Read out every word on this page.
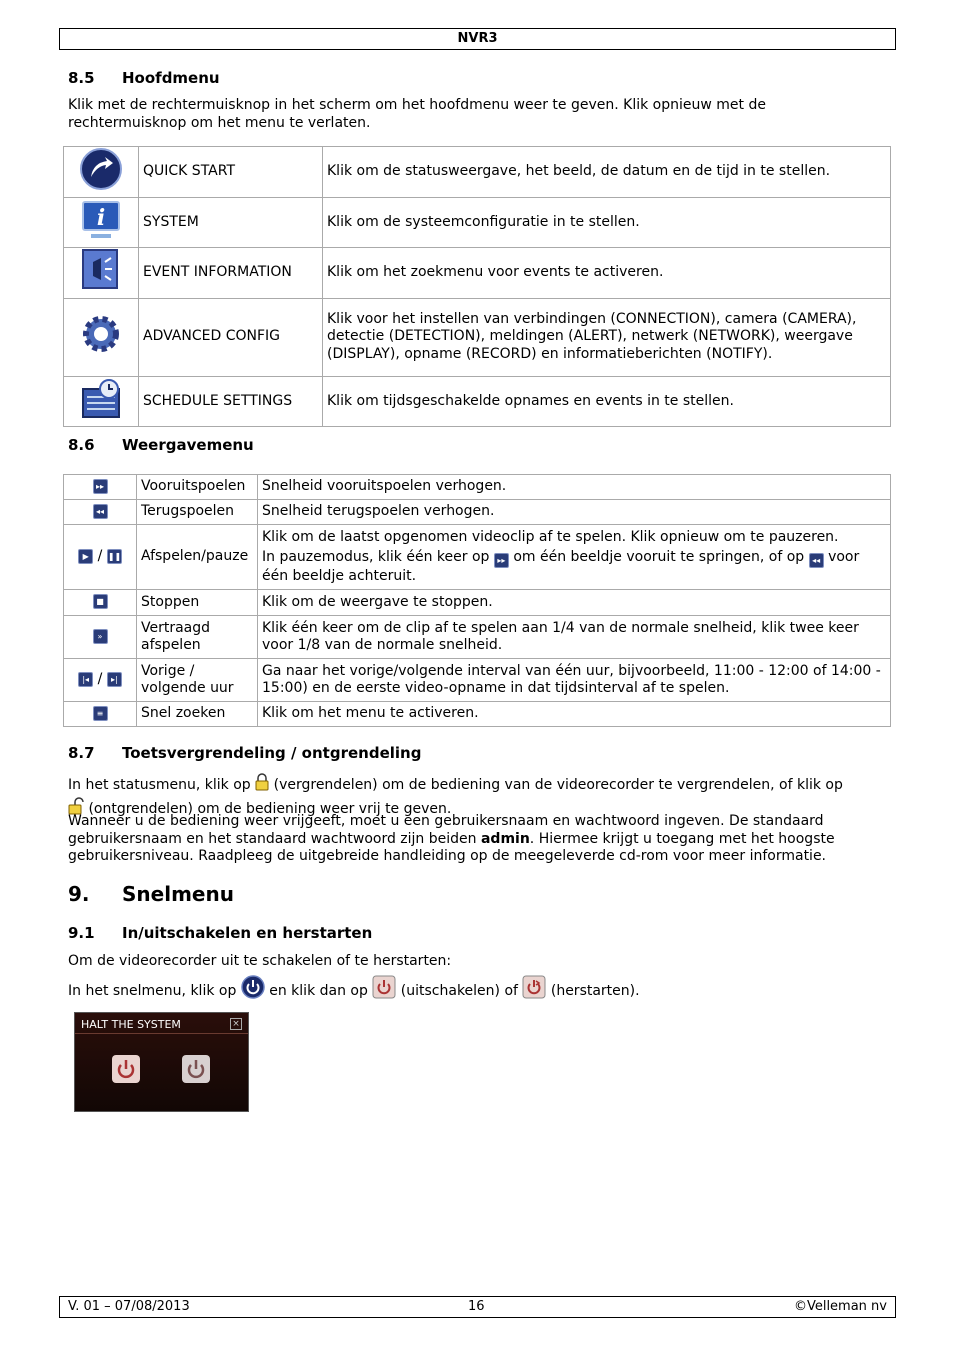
NVR3
8.5 Hoofdmenu
Klik met de rechtermuisknop in het scherm om het hoofdmenu weer te geven. Klik opnieuw met de rechtermuisknop om het menu te verlaten.
	QUICK START	Klik om de statusweergave, het beeld, de datum en de tijd in te stellen.

i	SYSTEM	Klik om de systeemconfiguratie in te stellen.
	EVENT INFORMATION	Klik om het zoekmenu voor events te activeren.
	ADVANCED CONFIG	Klik voor het instellen van verbindingen (CONNECTION), camera (CAMERA), detectie (DETECTION), meldingen (ALERT), netwerk (NETWORK), weergave (DISPLAY), opname (RECORD) en informatieberichten (NOTIFY).
	SCHEDULE SETTINGS	Klik om tijdsgeschakelde opnames en events in te stellen.
8.6 Weergavemenu
▸▸	Vooruitspoelen	Snelheid vooruitspoelen verhogen.
◂◂	Terugspoelen	Snelheid terugspoelen verhogen.
▶ / ❚❚	Afspelen/pauze	Klik om de laatst opgenomen videoclip af te spelen. Klik opnieuw om te pauzeren.
In pauzemodus, klik één keer op ▸▸ om één beeldje vooruit te springen, of op ◂◂ voor één beeldje achteruit.

■	Stoppen	Klik om de weergave te stoppen.
»	Vertraagd afspelen	Klik één keer om de clip af te spelen aan 1/4 van de normale snelheid, klik twee keer voor 1/8 van de normale snelheid.
|◂ / ▸|	Vorige / volgende uur	Ga naar het vorige/volgende interval van één uur, bijvoorbeeld, 11:00 - 12:00 of 14:00 - 15:00) en de eerste video-opname in dat tijdsinterval af te spelen.
≡	Snel zoeken	Klik om het menu te activeren.
8.7 Toetsvergrendeling / ontgrendeling
In het statusmenu, klik op (vergrendelen) om de bediening van de videorecorder te vergrendelen, of klik op
(ontgrendelen) om de bediening weer vrij te geven.
Wanneer u de bediening weer vrijgeeft, moet u een gebruikersnaam en wachtwoord ingeven. De standaard gebruikersnaam en het standaard wachtwoord zijn beiden admin. Hiermee krijgt u toegang met het hoogste gebruikersniveau. Raadpleeg de uitgebreide handleiding op de meegeleverde cd-rom voor meer informatie.
9. Snelmenu
9.1 In/uitschakelen en herstarten
Om de videorecorder uit te schakelen of te herstarten:
In het snelmenu, klik op en klik dan op (uitschakelen) of (herstarten).
HALT THE SYSTEM	×
V. 01 – 07/08/2013	16	©Velleman nv
